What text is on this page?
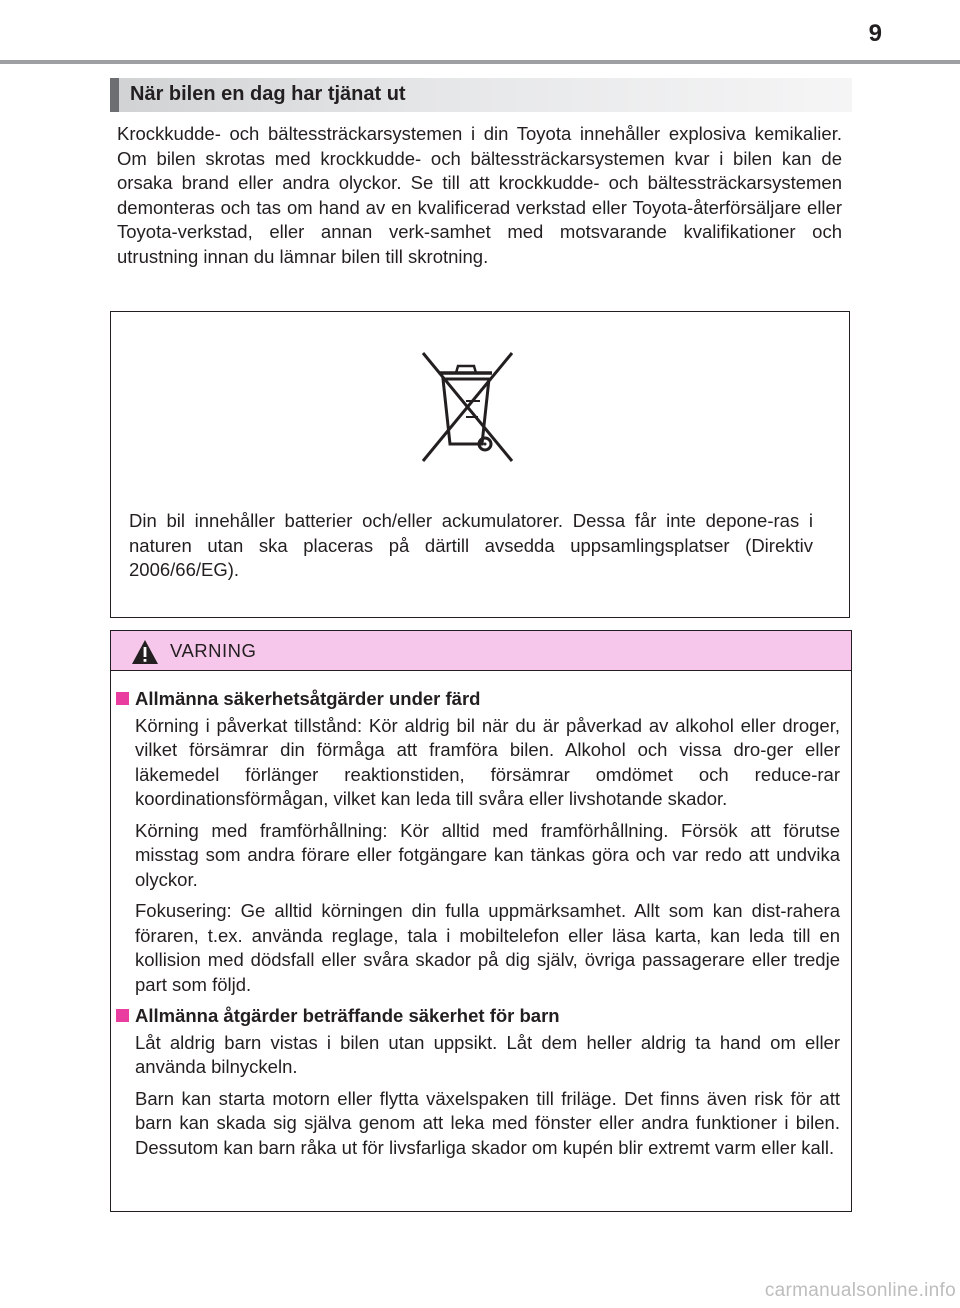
9
När bilen en dag har tjänat ut

Krockkudde- och bältessträckarsystemen i din Toyota innehåller explosiva kemikalier. Om bilen skrotas med krockkudde- och bältessträckarsystemen kvar i bilen kan de orsaka brand eller andra olyckor. Se till att krockkudde- och bältessträckarsystemen demonteras och tas om hand av en kvalificerad verkstad eller Toyota-återförsäljare eller Toyota-verkstad, eller annan verk-samhet med motsvarande kvalifikationer och utrustning innan du lämnar bilen till skrotning.

Din bil innehåller batterier och/eller ackumulatorer. Dessa får inte depone-ras i naturen utan ska placeras på därtill avsedda uppsamlingsplatser (Direktiv 2006/66/EG).

VARNING
Allmänna säkerhetsåtgärder under färd

Körning i påverkat tillstånd: Kör aldrig bil när du är påverkad av alkohol eller droger, vilket försämrar din förmåga att framföra bilen. Alkohol och vissa dro-ger eller läkemedel förlänger reaktionstiden, försämrar omdömet och reduce-rar koordinationsförmågan, vilket kan leda till svåra eller livshotande skador.

Körning med framförhållning: Kör alltid med framförhållning. Försök att förutse misstag som andra förare eller fotgängare kan tänkas göra och var redo att undvika olyckor.

Fokusering: Ge alltid körningen din fulla uppmärksamhet. Allt som kan dist-rahera föraren, t.ex. använda reglage, tala i mobiltelefon eller läsa karta, kan leda till en kollision med dödsfall eller svåra skador på dig själv, övriga passagerare eller tredje part som följd.

Allmänna åtgärder beträffande säkerhet för barn

Låt aldrig barn vistas i bilen utan uppsikt. Låt dem heller aldrig ta hand om eller använda bilnyckeln.

Barn kan starta motorn eller flytta växelspaken till friläge. Det finns även risk för att barn kan skada sig själva genom att leka med fönster eller andra funktioner i bilen. Dessutom kan barn råka ut för livsfarliga skador om kupén blir extremt varm eller kall.

carmanualsonline.info
